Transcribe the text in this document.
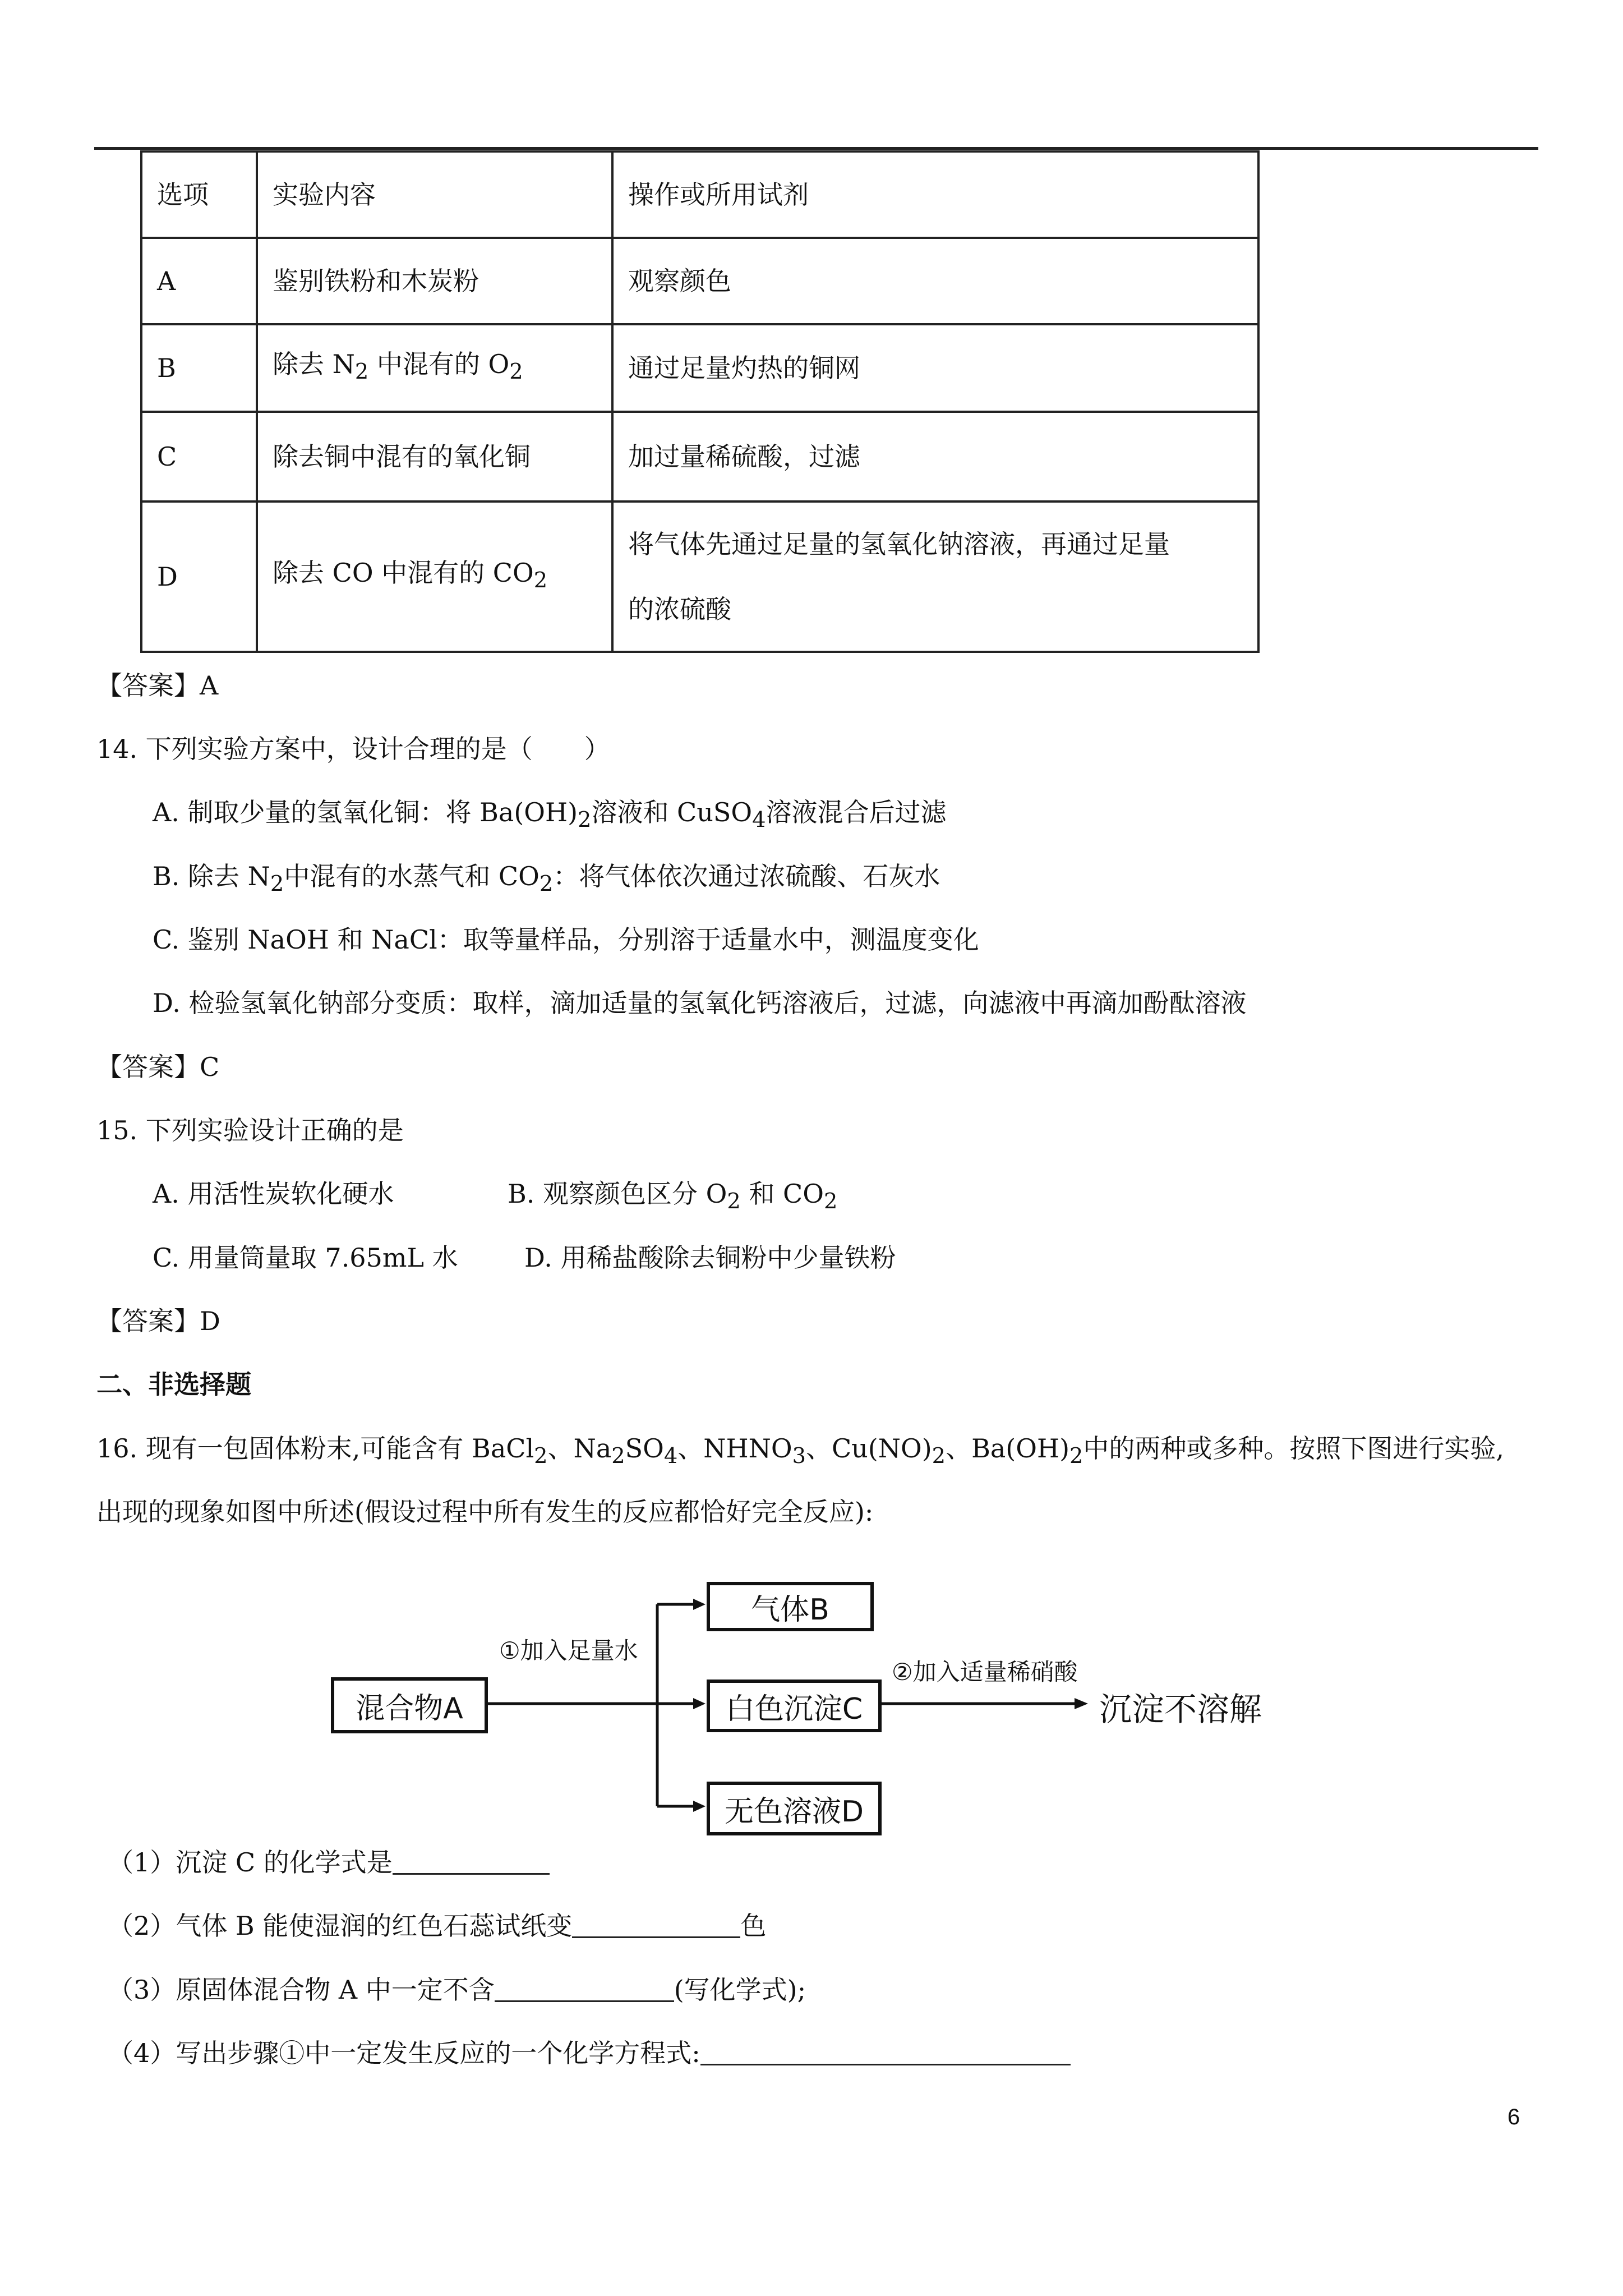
选项	实验内容	操作或所用试剂
A	鉴别铁粉和木炭粉	观察颜色
B	除去 $N_2$ 中混有的 $O_2$	通过足量灼热的铜网
C	除去铜中混有的氧化铜	加过量稀硫酸，过滤
D	除去 CO 中混有的 $CO_2$	将气体先通过足量的氢氧化钠溶液，再通过足量
的浓硫酸
【答案】A
14. 下列实验方案中，设计合理的是（　　）
A. 制取少量的氢氧化铜：将 $Ba(OH)_2$溶液和 CuSO$_4$溶液混合后过滤
B. 除去 $N_2$中混有的水蒸气和 $CO_2$：将气体依次通过浓硫酸、石灰水
C. 鉴别 NaOH 和 NaCl：取等量样品，分别溶于适量水中，测温度变化
D. 检验氢氧化钠部分变质：取样，滴加适量的氢氧化钙溶液后，过滤，向滤液中再滴加酚酞溶液
【答案】C
15. 下列实验设计正确的是
A. 用活性炭软化硬水	B. 观察颜色区分 $O_2$ 和 $CO_2$
C. 用量筒量取 7.65mL 水	D. 用稀盐酸除去铜粉中少量铁粉
【答案】D
二、非选择题
16. 现有一包固体粉末,可能含有 BaCl$_2$、$Na_2SO_4$、$NHNO_3$、$Cu(NO)_2$、$Ba(OH)_2$中的两种或多种。按照下图进行实验,
出现的现象如图中所述(假设过程中所有发生的反应都恰好完全反应):
混合物A
①加入足量水
气体B
白色沉淀C
无色溶液D
②加入适量稀硝酸
沉淀不溶解
（1）沉淀 C 的化学式是
（2）气体 B 能使湿润的红色石蕊试纸变	色
（3）原固体混合物 A 中一定不含	(写化学式);
（4）写出步骤①中一定发生反应的一个化学方程式:
6
